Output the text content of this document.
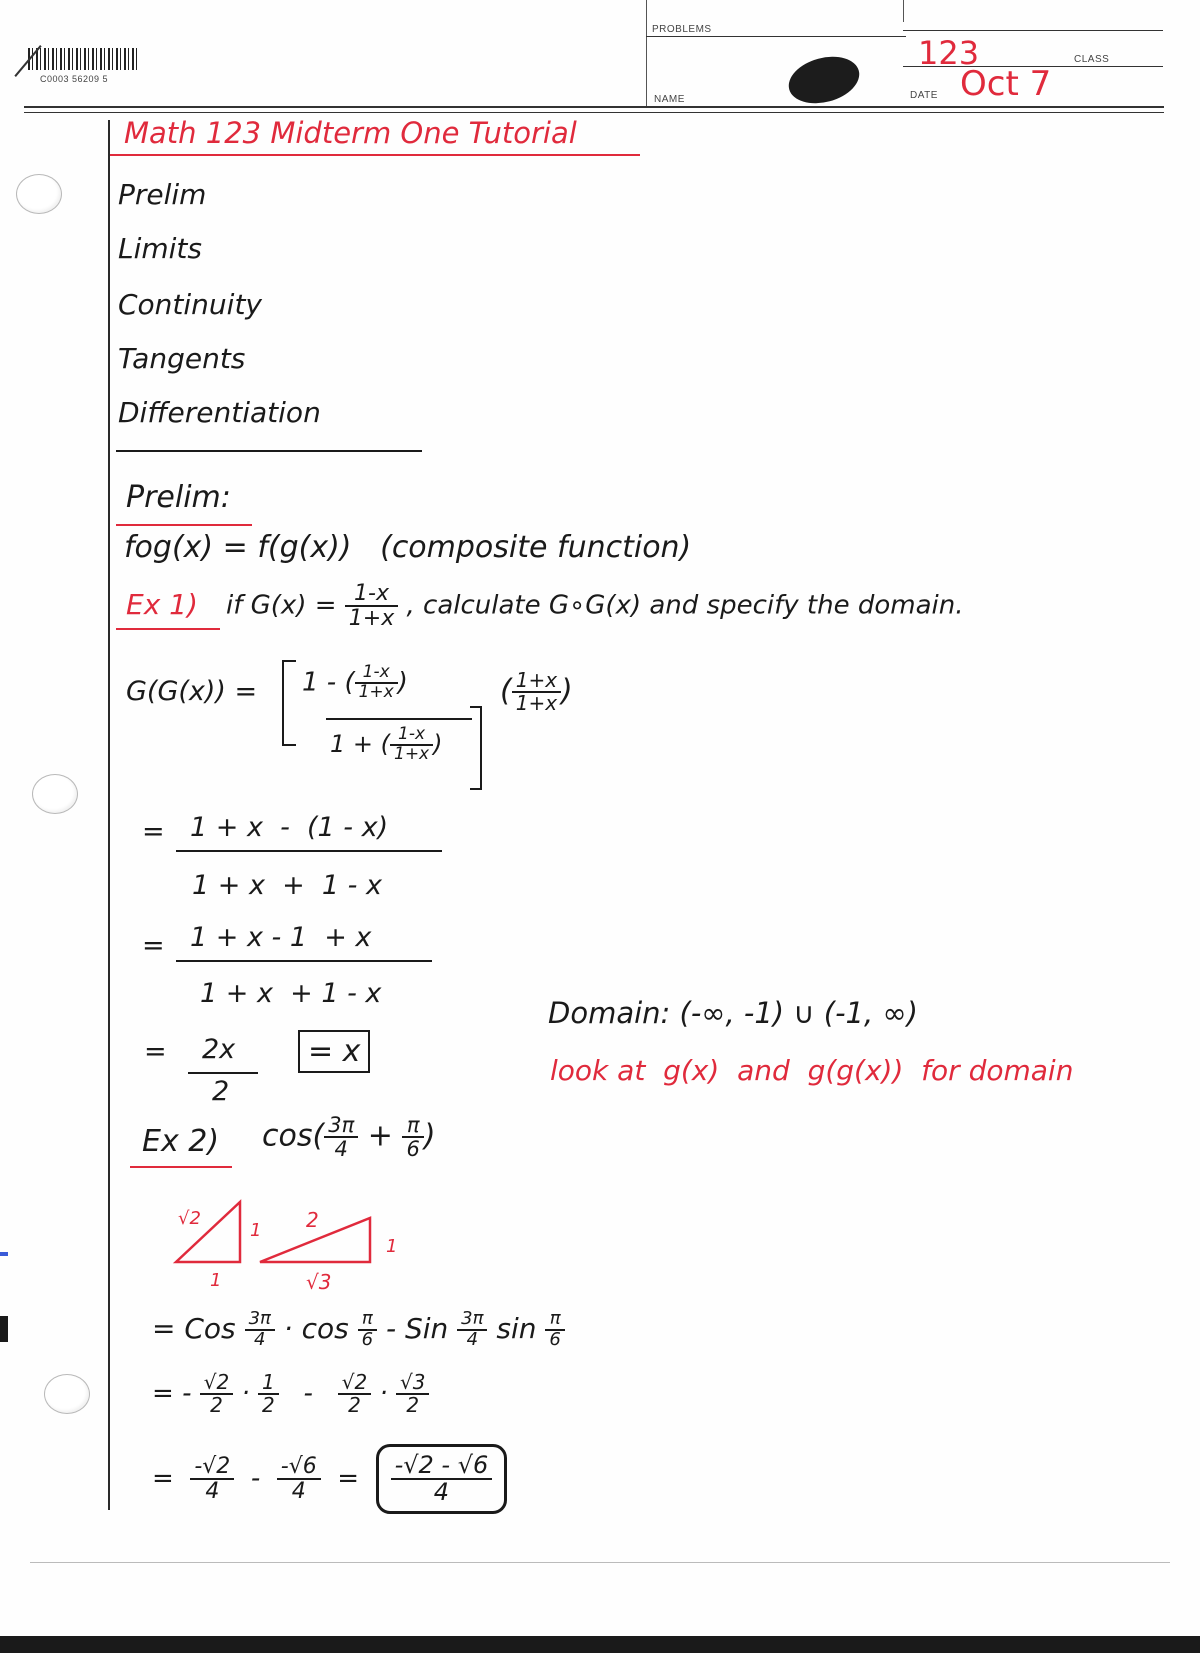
C0003 56209 5
PROBLEMS
CLASS
123
NAME	DATE Oct 7
Math 123 Midterm One Tutorial
Prelim
Limits
Continuity
Tangents
Differentiation
Prelim:
fog(x) = f(g(x))   (composite function)
Ex 1) if $G(x) = \frac{1-x}{1+x}$ , calculate G∘G(x) and specify the domain.
G(G(x)) = 1 - ( $\frac{1-x}{1+x}$ )
1 + ( $\frac{1-x}{1+x}$ )
( $\frac{1+x}{1+x}$ )
= 1 + x  -  (1 - x)
1 + x  +  1 - x
= 1 + x - 1  + x
1 + x  + 1 - x
= 2x
2
= x
Domain: (-∞, -1) ∪ (-1, ∞)
look at  g(x)  and  g(g(x))  for domain
Ex 2) $\cos( \frac{3\pi}{4} + \frac{\pi}{6}$ )
√2
1
1
2
1
√3
= Cos $\frac{3\pi}{4} \cdot \cos \frac{\pi}{6}$ - Sin $\frac{3\pi}{4}$ $\sin \frac{\pi}{6}$
= - $\frac{√2}{2} \cdot \frac{1}{2} - \frac{√2}{2} \cdot \frac{√3}{2}$
= $\frac{-√2}{4} - \frac{-√6}{4} = \frac{-√2 - √6}{4}$
